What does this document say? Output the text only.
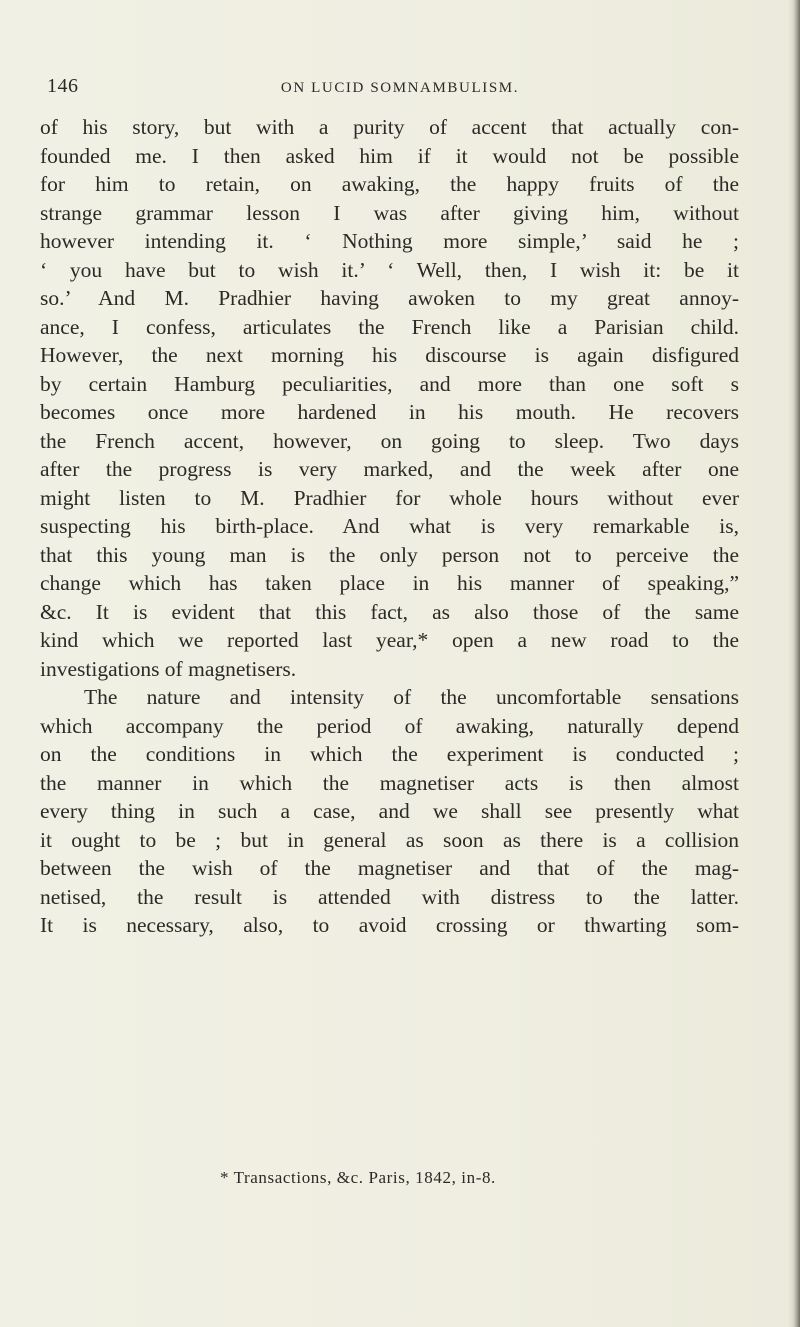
146	ON LUCID SOMNAMBULISM.
of his story, but with a purity of accent that actually con-
founded me. I then asked him if it would not be possible
for him to retain, on awaking, the happy fruits of the
strange grammar lesson I was after giving him, without
however intending it. ‘ Nothing more simple,’ said he ;
‘ you have but to wish it.’ ‘ Well, then, I wish it: be it
so.’ And M. Pradhier having awoken to my great annoy-
ance, I confess, articulates the French like a Parisian child.
However, the next morning his discourse is again disfigured
by certain Hamburg peculiarities, and more than one soft s
becomes once more hardened in his mouth. He recovers
the French accent, however, on going to sleep. Two days
after the progress is very marked, and the week after one
might listen to M. Pradhier for whole hours without ever
suspecting his birth-place. And what is very remarkable is,
that this young man is the only person not to perceive the
change which has taken place in his manner of speaking,”
&c. It is evident that this fact, as also those of the same
kind which we reported last year,* open a new road to the
investigations of magnetisers.
The nature and intensity of the uncomfortable sensations
which accompany the period of awaking, naturally depend
on the conditions in which the experiment is conducted ;
the manner in which the magnetiser acts is then almost
every thing in such a case, and we shall see presently what
it ought to be ; but in general as soon as there is a collision
between the wish of the magnetiser and that of the mag-
netised, the result is attended with distress to the latter.
It is necessary, also, to avoid crossing or thwarting som-
* Transactions, &c. Paris, 1842, in-8.
